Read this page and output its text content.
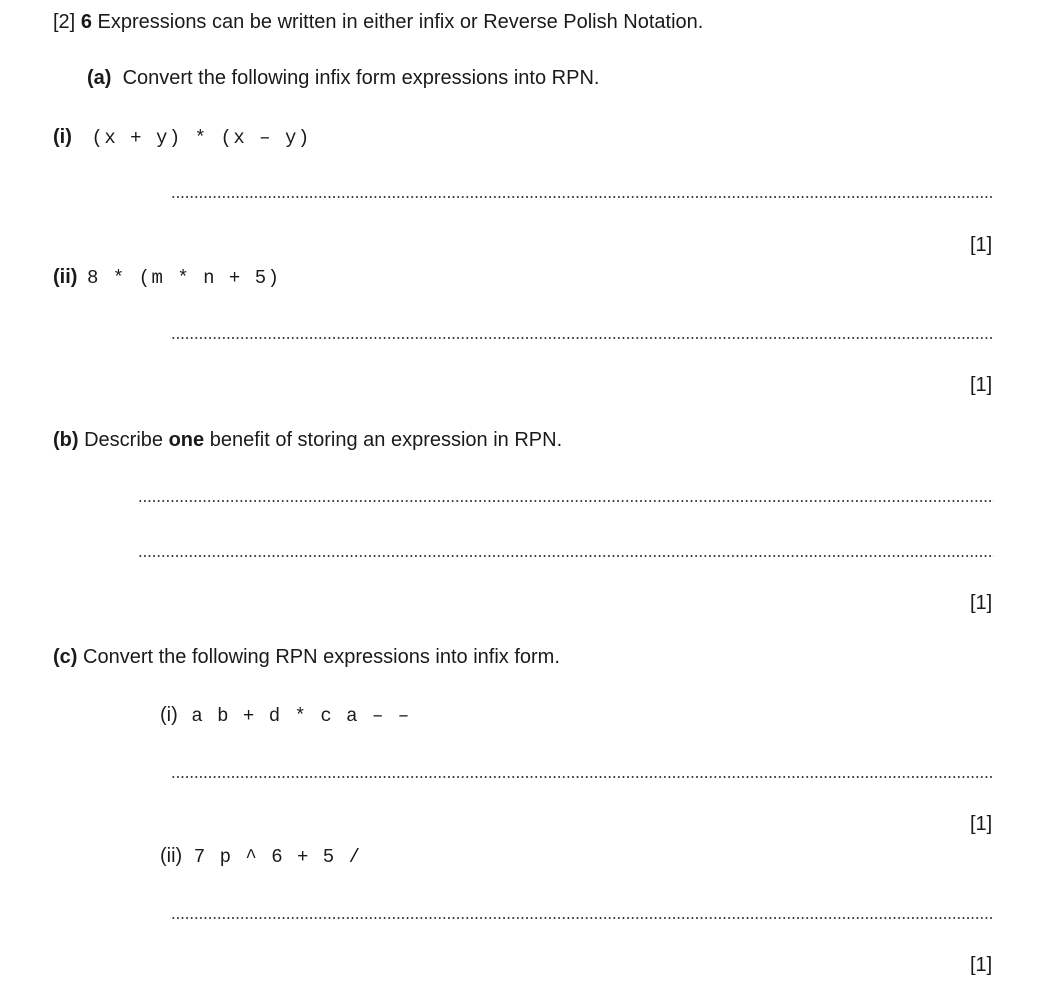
[2] 6 Expressions can be written in either infix or Reverse Polish Notation.
(a) Convert the following infix form expressions into RPN.
(i) (x + y) * (x – y)
[1]
(ii) 8 * (m * n + 5)
[1]
(b) Describe one benefit of storing an expression in RPN.
[1]
(c) Convert the following RPN expressions into infix form.
(i) a b + d * c a – –
[1]
(ii) 7 p ^ 6 + 5 /
[1]
